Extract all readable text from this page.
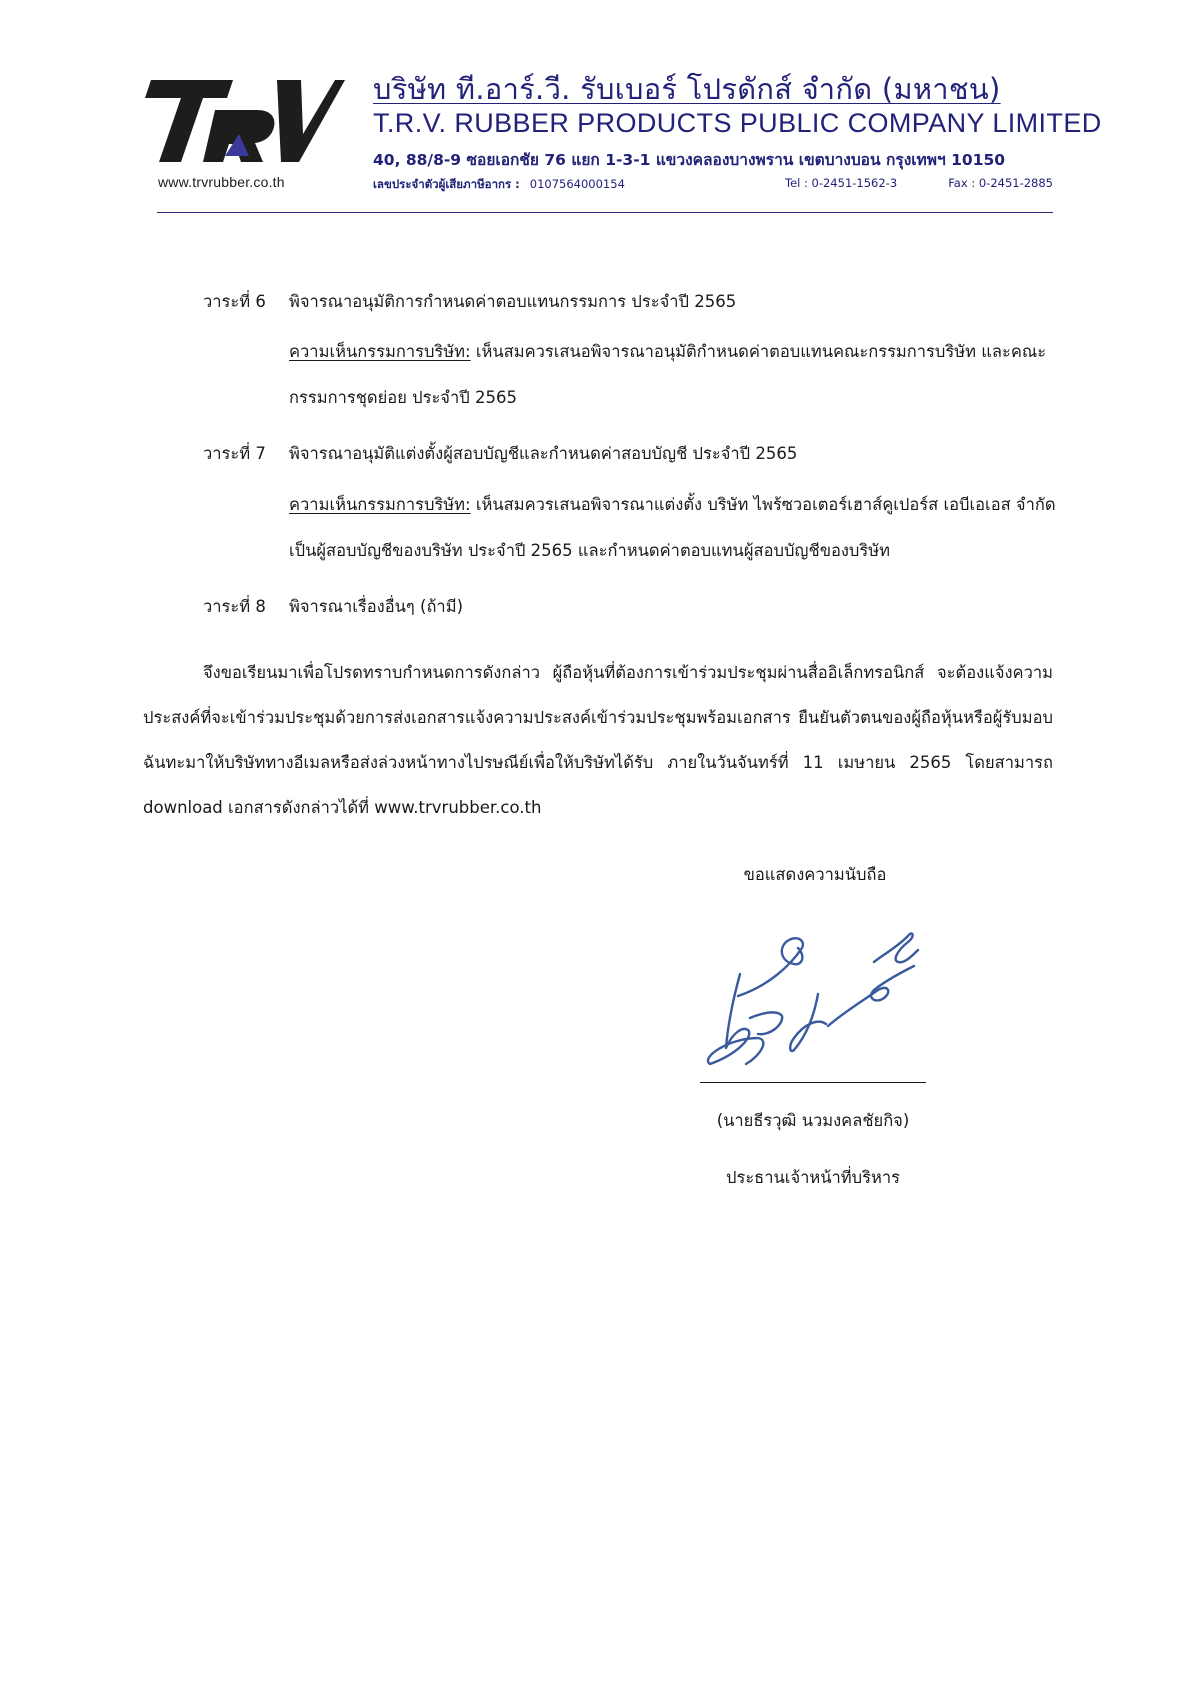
www.trvrubber.co.th
บริษัท ที.อาร์.วี. รับเบอร์ โปรดักส์ จำกัด (มหาชน)
T.R.V. RUBBER PRODUCTS PUBLIC COMPANY LIMITED
40, 88/8-9 ซอยเอกชัย 76 แยก 1-3-1 แขวงคลองบางพราน เขตบางบอน กรุงเทพฯ 10150
เลขประจำตัวผู้เสียภาษีอากร : 0107564000154	Tel : 0-2451-1562-3	Fax : 0-2451-2885
วาระที่ 6 พิจารณาอนุมัติการกำหนดค่าตอบแทนกรรมการ ประจำปี 2565
ความเห็นกรรมการบริษัท: เห็นสมควรเสนอพิจารณาอนุมัติกำหนดค่าตอบแทนคณะกรรมการบริษัท และคณะกรรมการชุดย่อย ประจำปี 2565
วาระที่ 7 พิจารณาอนุมัติแต่งตั้งผู้สอบบัญชีและกำหนดค่าสอบบัญชี ประจำปี 2565
ความเห็นกรรมการบริษัท: เห็นสมควรเสนอพิจารณาแต่งตั้ง บริษัท ไพร้ซวอเตอร์เฮาส์คูเปอร์ส เอบีเอเอส จำกัด เป็นผู้สอบบัญชีของบริษัท ประจำปี 2565 และกำหนดค่าตอบแทนผู้สอบบัญชีของบริษัท
วาระที่ 8 พิจารณาเรื่องอื่นๆ (ถ้ามี)
จึงขอเรียนมาเพื่อโปรดทราบกำหนดการดังกล่าว ผู้ถือหุ้นที่ต้องการเข้าร่วมประชุมผ่านสื่ออิเล็กทรอนิกส์ จะต้องแจ้งความประสงค์ที่จะเข้าร่วมประชุมด้วยการส่งเอกสารแจ้งความประสงค์เข้าร่วมประชุมพร้อมเอกสาร ยืนยันตัวตนของผู้ถือหุ้นหรือผู้รับมอบฉันทะมาให้บริษัททางอีเมลหรือส่งล่วงหน้าทางไปรษณีย์เพื่อให้บริษัทได้รับ ภายในวันจันทร์ที่ 11 เมษายน 2565 โดยสามารถ download เอกสารดังกล่าวได้ที่ www.trvrubber.co.th
ขอแสดงความนับถือ
(นายธีรวุฒิ นวมงคลชัยกิจ)
ประธานเจ้าหน้าที่บริหาร
